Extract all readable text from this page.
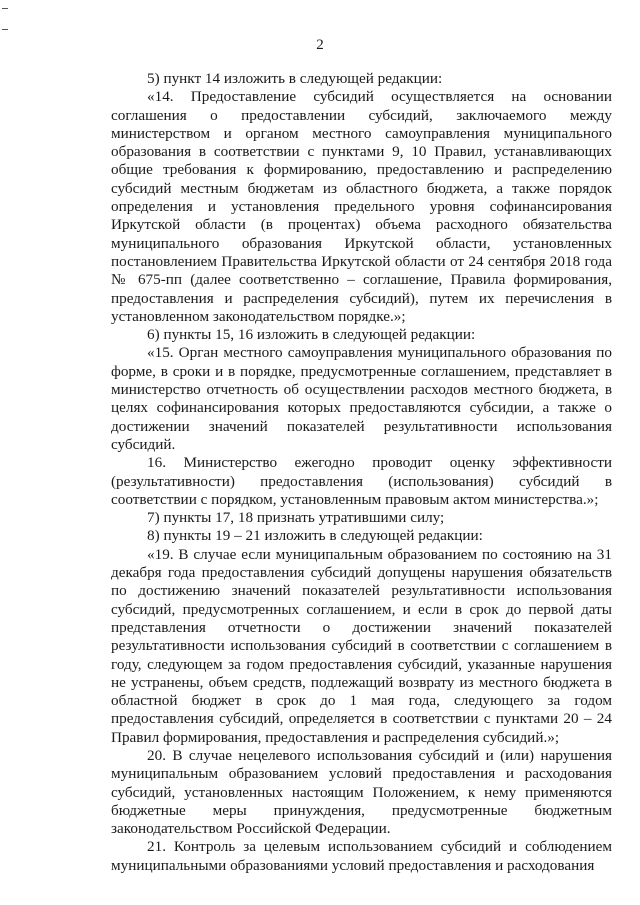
2

5) пункт 14 изложить в следующей редакции:

«14. Предоставление субсидий осуществляется на основании соглашения о предоставлении субсидий, заключаемого между министерством и органом местного самоуправления муниципального образования в соответствии с пунктами 9, 10 Правил, устанавливающих общие требования к формированию, предоставлению и распределению субсидий местным бюджетам из областного бюджета, а также порядок определения и установления предельного уровня софинансирования Иркутской области (в процентах) объема расходного обязательства муниципального образования Иркутской области, установленных постановлением Правительства Иркутской области от 24 сентября 2018 года № 675-пп (далее соответственно – соглашение, Правила формирования, предоставления и распределения субсидий), путем их перечисления в установленном законодательством порядке.»;

6) пункты 15, 16 изложить в следующей редакции:

«15. Орган местного самоуправления муниципального образования по форме, в сроки и в порядке, предусмотренные соглашением, представляет в министерство отчетность об осуществлении расходов местного бюджета, в целях софинансирования которых предоставляются субсидии, а также о достижении значений показателей результативности использования субсидий.

16. Министерство ежегодно проводит оценку эффективности (результативности) предоставления (использования) субсидий в соответствии с порядком, установленным правовым актом министерства.»;

7) пункты 17, 18 признать утратившими силу;

8) пункты 19 – 21 изложить в следующей редакции:

«19. В случае если муниципальным образованием по состоянию на 31 декабря года предоставления субсидий допущены нарушения обязательств по достижению значений показателей результативности использования субсидий, предусмотренных соглашением, и если в срок до первой даты представления отчетности о достижении значений показателей результативности использования субсидий в соответствии с соглашением в году, следующем за годом предоставления субсидий, указанные нарушения не устранены, объем средств, подлежащий возврату из местного бюджета в областной бюджет в срок до 1 мая года, следующего за годом предоставления субсидий, определяется в соответствии с пунктами 20 – 24 Правил формирования, предоставления и распределения субсидий.»;

20. В случае нецелевого использования субсидий и (или) нарушения муниципальным образованием условий предоставления и расходования субсидий, установленных настоящим Положением, к нему применяются бюджетные меры принуждения, предусмотренные бюджетным законодательством Российской Федерации.

21. Контроль за целевым использованием субсидий и соблюдением муниципальными образованиями условий предоставления и расходования
